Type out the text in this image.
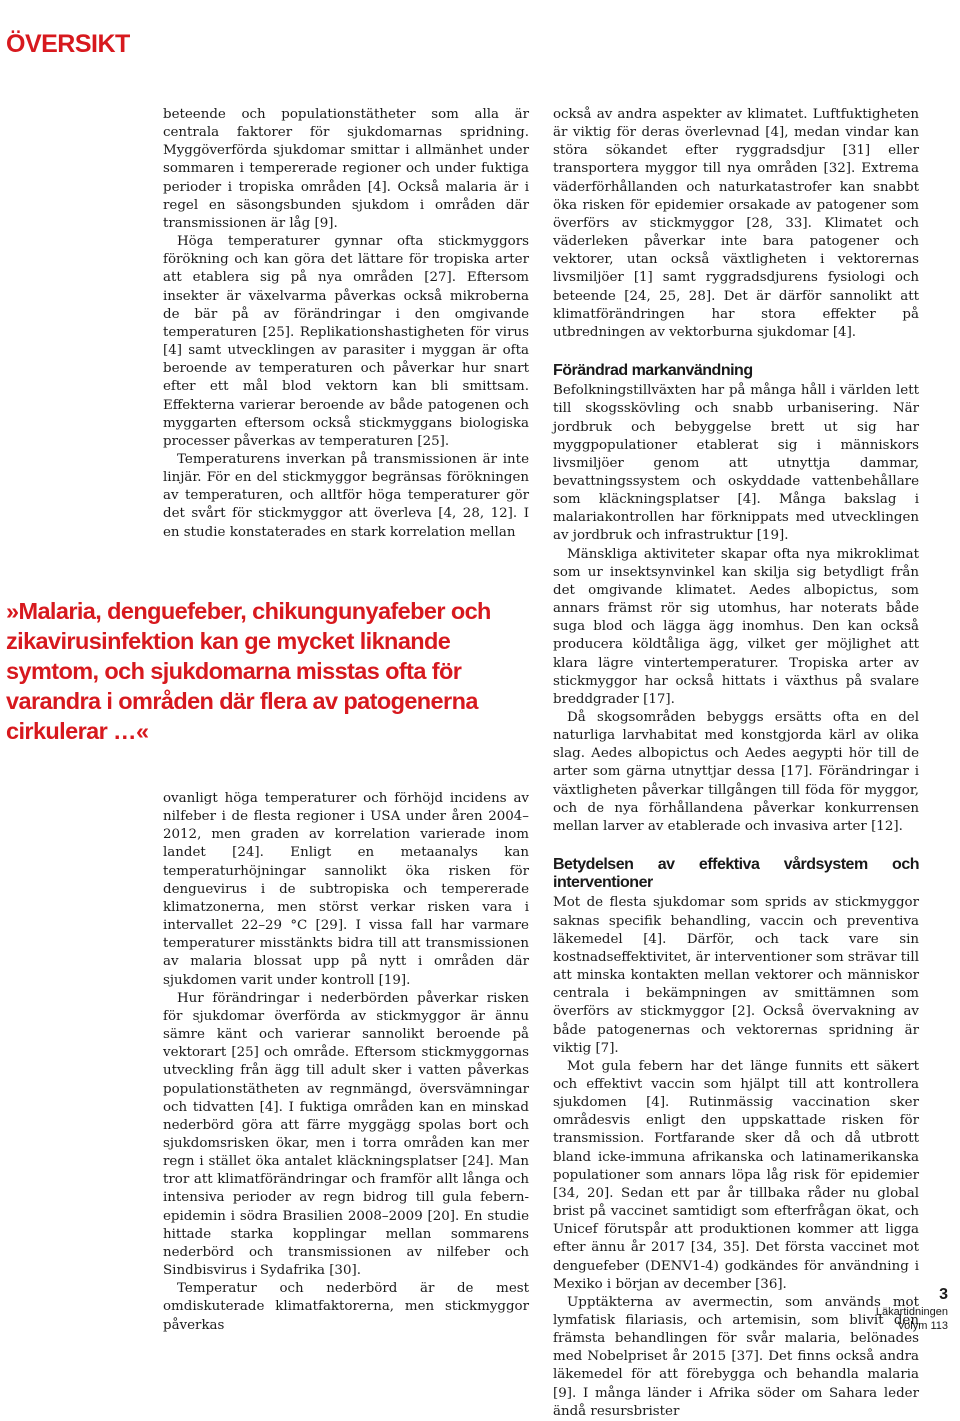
ÖVERSIKT

beteende och populationstätheter som alla är centrala faktorer för sjukdomarnas spridning. Myggöverförda sjukdomar smittar i allmänhet under sommaren i tempererade regioner och under fuktiga perioder i tropiska områden [4]. Också malaria är i regel en säsongsbunden sjukdom i områden där transmissionen är låg [9].

Höga temperaturer gynnar ofta stickmyggors förökning och kan göra det lättare för tropiska arter att etablera sig på nya områden [27]. Eftersom insekter är växelvarma påverkas också mikroberna de bär på av förändringar i den omgivande temperaturen [25]. Replikationshastigheten för virus [4] samt utvecklingen av parasiter i myggan är ofta beroende av temperaturen och påverkar hur snart efter ett mål blod vektorn kan bli smittsam. Effekterna varierar beroende av både patogenen och myggarten eftersom också stickmyggans biologiska processer påverkas av temperaturen [25].

Temperaturens inverkan på transmissionen är inte linjär. För en del stickmyggor begränsas förökningen av temperaturen, och alltför höga temperaturer gör det svårt för stickmyggor att överleva [4, 28, 12]. I en studie konstaterades en stark korrelation mellan

»Malaria, denguefeber, chikungunyafeber och zikavirusinfektion kan ge mycket liknande symtom, och sjukdomarna misstas ofta för varandra i områden där flera av patogenerna cirkulerar …«

ovanligt höga temperaturer och förhöjd incidens av nilfeber i de flesta regioner i USA under åren 2004–2012, men graden av korrelation varierade inom landet [24]. Enligt en metaanalys kan temperaturhöjningar sannolikt öka risken för denguevirus i de subtropiska och tempererade klimatzonerna, men störst verkar risken vara i intervallet 22–29 °C [29]. I vissa fall har varmare temperaturer misstänkts bidra till att transmissionen av malaria blossat upp på nytt i områden där sjukdomen varit under kontroll [19].

Hur förändringar i nederbörden påverkar risken för sjukdomar överförda av stickmyggor är ännu sämre känt och varierar sannolikt beroende på vektorart [25] och område. Eftersom stickmyggornas utveckling från ägg till adult sker i vatten påverkas populationstätheten av regnmängd, översvämningar och tidvatten [4]. I fuktiga områden kan en minskad nederbörd göra att färre myggägg spolas bort och sjukdomsrisken ökar, men i torra områden kan mer regn i stället öka antalet kläckningsplatser [24]. Man tror att klimatförändringar och framför allt långa och intensiva perioder av regn bidrog till gula febern-epidemin i södra Brasilien 2008–2009 [20]. En studie hittade starka kopplingar mellan sommarens nederbörd och transmissionen av nilfeber och Sindbisvirus i Sydafrika [30].

Temperatur och nederbörd är de mest omdiskuterade klimatfaktorerna, men stickmyggor påverkas

också av andra aspekter av klimatet. Luftfuktigheten är viktig för deras överlevnad [4], medan vindar kan störa sökandet efter ryggradsdjur [31] eller transportera myggor till nya områden [32]. Extrema väderförhållanden och naturkatastrofer kan snabbt öka risken för epidemier orsakade av patogener som överförs av stickmyggor [28, 33]. Klimatet och väderleken påverkar inte bara patogener och vektorer, utan också växtligheten i vektorernas livsmiljöer [1] samt ryggradsdjurens fysiologi och beteende [24, 25, 28]. Det är därför sannolikt att klimatförändringen har stora effekter på utbredningen av vektorburna sjukdomar [4].

Förändrad markanvändning

Befolkningstillväxten har på många håll i världen lett till skogsskövling och snabb urbanisering. När jordbruk och bebyggelse brett ut sig har myggpopulationer etablerat sig i människors livsmiljöer genom att utnyttja dammar, bevattningssystem och oskyddade vattenbehållare som kläckningsplatser [4]. Många bakslag i malariakontrollen har förknippats med utvecklingen av jordbruk och infrastruktur [19].

Mänskliga aktiviteter skapar ofta nya mikroklimat som ur insektsynvinkel kan skilja sig betydligt från det omgivande klimatet. Aedes albopictus, som annars främst rör sig utomhus, har noterats både suga blod och lägga ägg inomhus. Den kan också producera köldtåliga ägg, vilket ger möjlighet att klara lägre vintertemperaturer. Tropiska arter av stickmyggor har också hittats i växthus på svalare breddgrader [17].

Då skogsområden bebyggs ersätts ofta en del naturliga larvhabitat med konstgjorda kärl av olika slag. Aedes albopictus och Aedes aegypti hör till de arter som gärna utnyttjar dessa [17]. Förändringar i växtligheten påverkar tillgången till föda för myggor, och de nya förhållandena påverkar konkurrensen mellan larver av etablerade och invasiva arter [12].

Betydelsen av effektiva vårdsystem och interventioner

Mot de flesta sjukdomar som sprids av stickmyggor saknas specifik behandling, vaccin och preventiva läkemedel [4]. Därför, och tack vare sin kostnadseffektivitet, är interventioner som strävar till att minska kontakten mellan vektorer och människor centrala i bekämpningen av smittämnen som överförs av stickmyggor [2]. Också övervakning av både patogenernas och vektorernas spridning är viktig [7].

Mot gula febern har det länge funnits ett säkert och effektivt vaccin som hjälpt till att kontrollera sjukdomen [4]. Rutinmässig vaccination sker områdesvis enligt den uppskattade risken för transmission. Fortfarande sker då och då utbrott bland icke-immuna afrikanska och latinamerikanska populationer som annars löpa låg risk för epidemier [34, 20]. Sedan ett par år tillbaka råder nu global brist på vaccinet samtidigt som efterfrågan ökat, och Unicef förutspår att produktionen kommer att ligga efter ännu år 2017 [34, 35]. Det första vaccinet mot denguefeber (DENV1-4) godkändes för användning i Mexiko i början av december [36].

Upptäkterna av avermectin, som används mot lymfatisk filariasis, och artemisin, som blivit den främsta behandlingen för svår malaria, belönades med Nobelpriset år 2015 [37]. Det finns också andra läkemedel för att förebygga och behandla malaria [9]. I många länder i Afrika söder om Sahara leder ändå resursbrister

3
Läkartidningen
Volym 113
